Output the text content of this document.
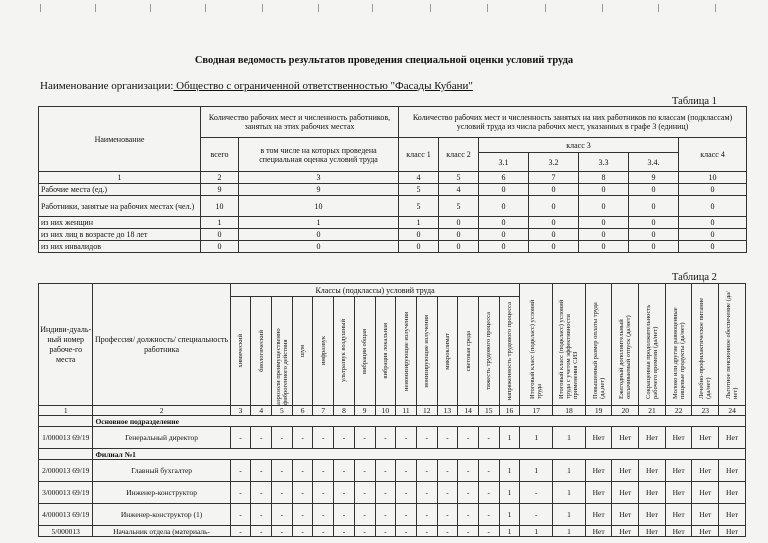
Сводная ведомость результатов проведения специальной оценки условий труда
Наименование организации: Общество с ограниченной ответственностью "Фасады Кубани"
Таблица 1
Наименование	Количество рабочих мест и численность работников, занятых на этих рабочих местах		Количество рабочих мест и численность занятых на них работников по классам (подклассам) условий труда из числа рабочих мест, указанных в графе 3 (единиц)						
	всего	в том числе на которых проведена специальная оценка условий труда	класс 1	класс 2	класс 3				класс 4
					3.1	3.2	3.3	3.4.	
1	2	3	4	5	6	7	8	9	10
Рабочие места (ед.)	9	9	5	4	0	0	0	0	0
Работники, занятые на рабочих местах (чел.)	10	10	5	5	0	0	0	0	0
из них женщин	1	1	1	0	0	0	0	0	0
из них лиц в возрасте до 18 лет	0	0	0	0	0	0	0	0	0
из них инвалидов	0	0	0	0	0	0	0	0	0
Таблица 2
Индиви-дуаль-ный номер рабоче-го места	Профессия/ должность/ специальность работника	Классы (подклассы) условий труда														Итоговый класс (подкласс) условий труда	Итоговый класс (подкласс) условий труда с учетом эффективности применения СИЗ	Повышенный размер оплаты труда (да,нет)	Ежегодный дополнительный оплачиваемый отпуск (да/нет)	Сокращенная продолжительность рабочего времени (да/нет)	Молоко или другие равноценные пищевые продукты (да/нет)	Лечебно-профилактическое питание (да/нет)	Льготное пенсионное обеспечение (да/нет)

		химический	биологический	аэрозоли преимущественно фиброгенного действия	шум	инфразвук	ультразвук воздушный	вибрация общая	вибрация локальная	неионизирующие излучения	ионизирующие излучения	микроклимат	световая среда	тяжесть трудового процесса	напряженность трудового процесса								

1	2	3	4	5	6	7	8	9	10	11	12	13	14	15	16	17	18	19	20	21	22	23	24
	Основное подразделение																						
1/000013 69/19	Генеральный директор	-	-	-	-	-	-	-	-	-	-	-	-	-	1	1	1	Нет	Нет	Нет	Нет	Нет	Нет
	Филиал №1																						
2/000013 69/19	Главный бухгалтер	-	-	-	-	-	-	-	-	-	-	-	-	-	1	1	1	Нет	Нет	Нет	Нет	Нет	Нет
3/000013 69/19	Инженер-конструктор	-	-	-	-	-	-	-	-	-	-	-	-	-	1	-	1	Нет	Нет	Нет	Нет	Нет	Нет
4/000013 69/19	Инженер-конструктор (1)	-	-	-	-	-	-	-	-	-	-	-	-	-	1	-	1	Нет	Нет	Нет	Нет	Нет	Нет
5/000013	Начальник отдела (материаль-	-	-	-	-	-	-	-	-	-	-	-	-	-	1	1	1	Нет	Нет	Нет	Нет	Нет	Нет
